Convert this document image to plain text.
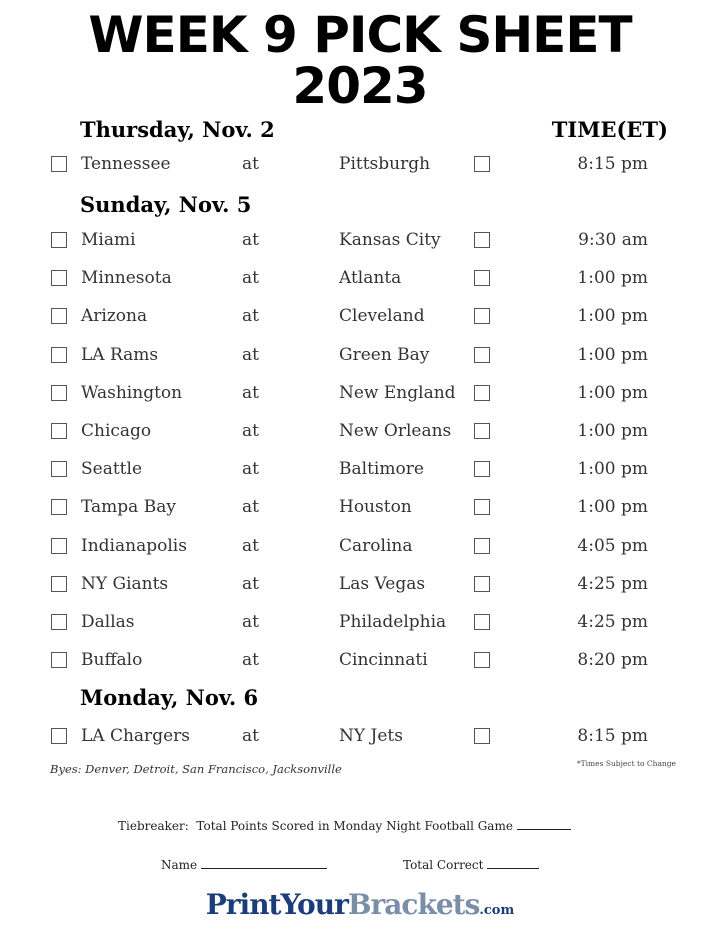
WEEK 9 PICK SHEET
2023
TIME(ET)
Thursday, Nov. 2
Tennessee	at	Pittsburgh	8:15 pm
Sunday, Nov. 5
Miami	at	Kansas City	9:30 am
Minnesota	at	Atlanta	1:00 pm
Arizona	at	Cleveland	1:00 pm
LA Rams	at	Green Bay	1:00 pm
Washington	at	New England	1:00 pm
Chicago	at	New Orleans	1:00 pm
Seattle	at	Baltimore	1:00 pm
Tampa Bay	at	Houston	1:00 pm
Indianapolis	at	Carolina	4:05 pm
NY Giants	at	Las Vegas	4:25 pm
Dallas	at	Philadelphia	4:25 pm
Buffalo	at	Cincinnati	8:20 pm
Monday, Nov. 6
LA Chargers	at	NY Jets	8:15 pm
Byes: Denver, Detroit, San Francisco, Jacksonville	*Times Subject to Change
Tiebreaker: Total Points Scored in Monday Night Football Game
Name	Total Correct
PrintYourBrackets.com
